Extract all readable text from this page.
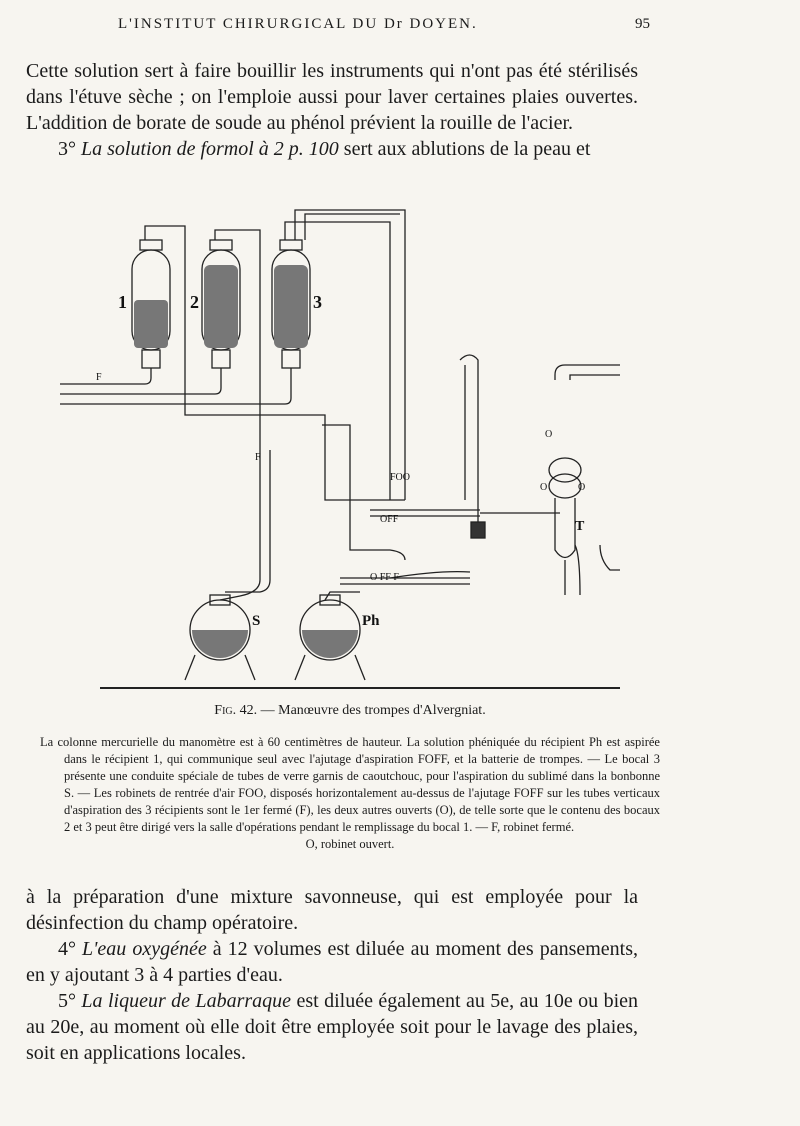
L'INSTITUT CHIRURGICAL DU Dr DOYEN.	95

Cette solution sert à faire bouillir les instruments qui n'ont pas été stérilisés dans l'étuve sèche ; on l'emploie aussi pour laver certaines plaies ouvertes. L'addition de borate de soude au phénol prévient la rouille de l'acier.

3° La solution de formol à 2 p. 100 sert aux ablutions de la peau et

1	2	3
S	Ph
T
F
F
FOO
OFF
O FF F
O
O	O
Fig. 42. — Manœuvre des trompes d'Alvergniat.

La colonne mercurielle du manomètre est à 60 centimètres de hauteur. La solution phéniquée du récipient Ph est aspirée dans le récipient 1, qui communique seul avec l'ajutage d'aspiration FOFF, et la batterie de trompes. — Le bocal 3 présente une conduite spéciale de tubes de verre garnis de caoutchouc, pour l'aspiration du sublimé dans la bonbonne S. — Les robinets de rentrée d'air FOO, disposés horizontalement au-dessus de l'ajutage FOFF sur les tubes verticaux d'aspiration des 3 récipients sont le 1er fermé (F), les deux autres ouverts (O), de telle sorte que le contenu des bocaux 2 et 3 peut être dirigé vers la salle d'opérations pendant le remplissage du bocal 1. — F, robinet fermé.

O, robinet ouvert.

à la préparation d'une mixture savonneuse, qui est employée pour la désinfection du champ opératoire.

4° L'eau oxygénée à 12 volumes est diluée au moment des pansements, en y ajoutant 3 à 4 parties d'eau.

5° La liqueur de Labarraque est diluée également au 5e, au 10e ou bien au 20e, au moment où elle doit être employée soit pour le lavage des plaies, soit en applications locales.
